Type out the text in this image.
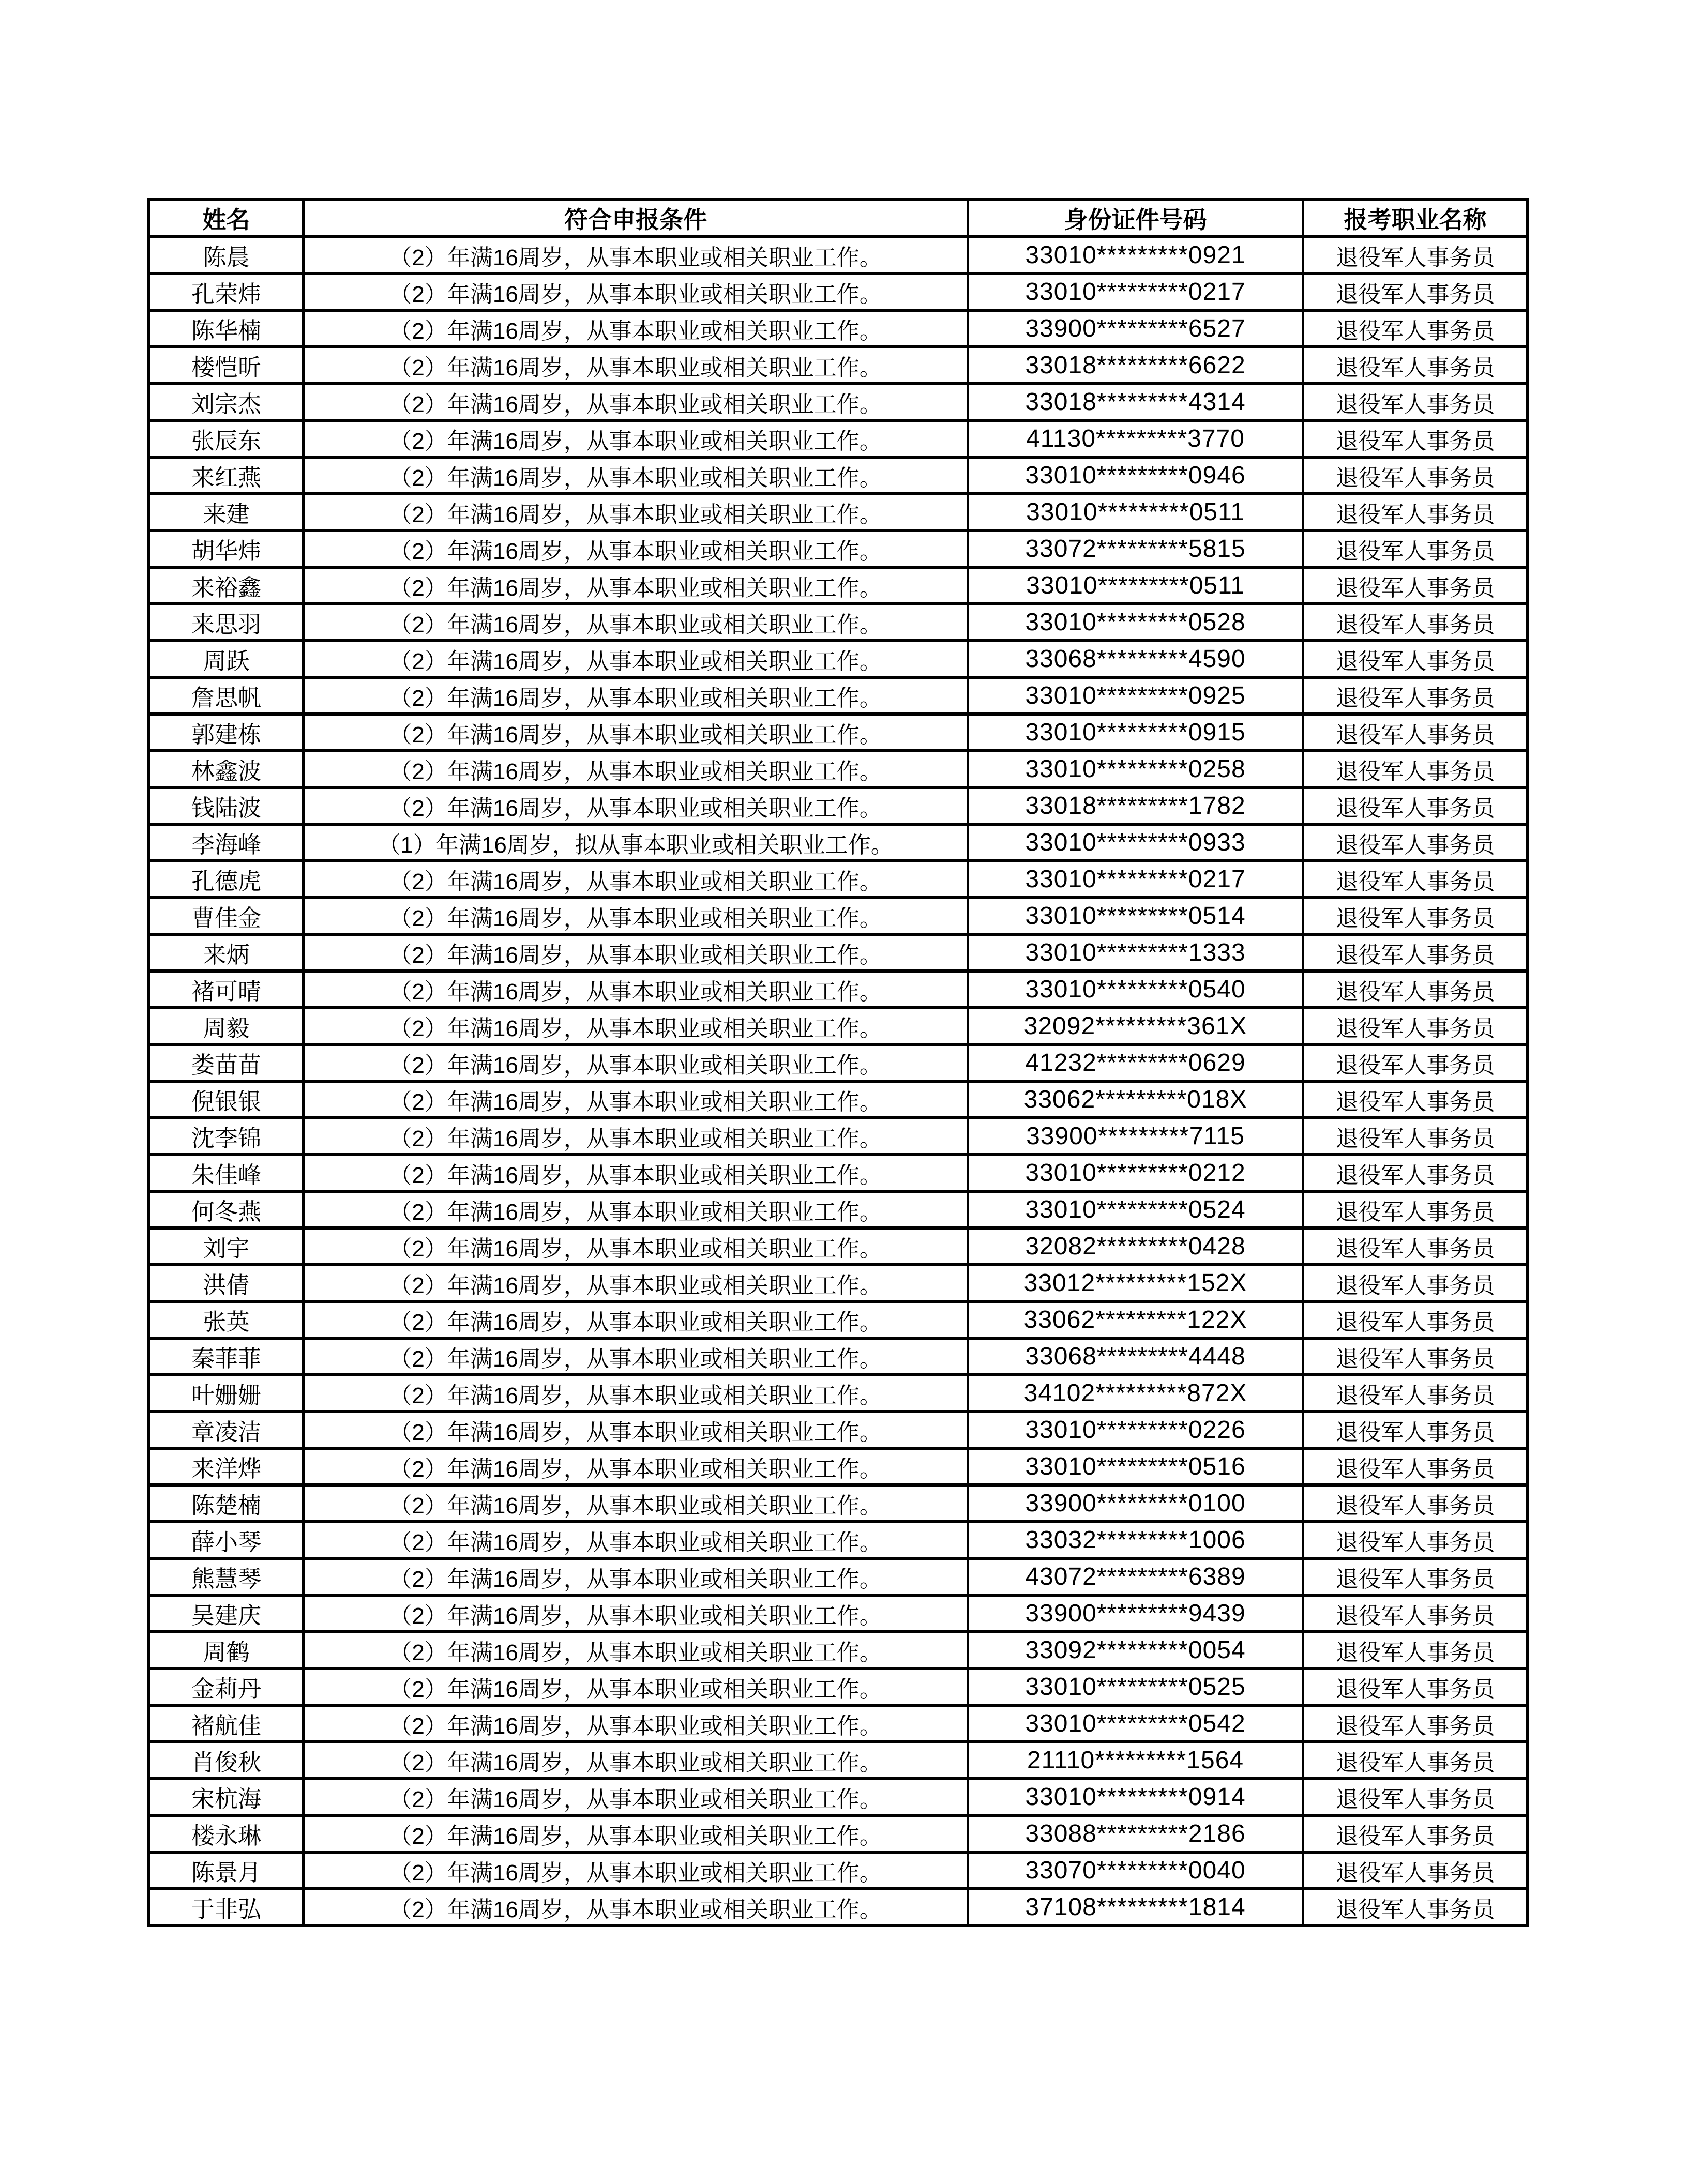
姓名	符合申报条件	身份证件号码	报考职业名称
陈晨	（2）年满16周岁，从事本职业或相关职业工作。	33010*********0921	退役军人事务员
孔荣炜	（2）年满16周岁，从事本职业或相关职业工作。	33010*********0217	退役军人事务员
陈华楠	（2）年满16周岁，从事本职业或相关职业工作。	33900*********6527	退役军人事务员
楼恺昕	（2）年满16周岁，从事本职业或相关职业工作。	33018*********6622	退役军人事务员
刘宗杰	（2）年满16周岁，从事本职业或相关职业工作。	33018*********4314	退役军人事务员
张辰东	（2）年满16周岁，从事本职业或相关职业工作。	41130*********3770	退役军人事务员
来红燕	（2）年满16周岁，从事本职业或相关职业工作。	33010*********0946	退役军人事务员
来建	（2）年满16周岁，从事本职业或相关职业工作。	33010*********0511	退役军人事务员
胡华炜	（2）年满16周岁，从事本职业或相关职业工作。	33072*********5815	退役军人事务员
来裕鑫	（2）年满16周岁，从事本职业或相关职业工作。	33010*********0511	退役军人事务员
来思羽	（2）年满16周岁，从事本职业或相关职业工作。	33010*********0528	退役军人事务员
周跃	（2）年满16周岁，从事本职业或相关职业工作。	33068*********4590	退役军人事务员
詹思帆	（2）年满16周岁，从事本职业或相关职业工作。	33010*********0925	退役军人事务员
郭建栋	（2）年满16周岁，从事本职业或相关职业工作。	33010*********0915	退役军人事务员
林鑫波	（2）年满16周岁，从事本职业或相关职业工作。	33010*********0258	退役军人事务员
钱陆波	（2）年满16周岁，从事本职业或相关职业工作。	33018*********1782	退役军人事务员
李海峰	（1）年满16周岁，拟从事本职业或相关职业工作。	33010*********0933	退役军人事务员
孔德虎	（2）年满16周岁，从事本职业或相关职业工作。	33010*********0217	退役军人事务员
曹佳金	（2）年满16周岁，从事本职业或相关职业工作。	33010*********0514	退役军人事务员
来炳	（2）年满16周岁，从事本职业或相关职业工作。	33010*********1333	退役军人事务员
褚可晴	（2）年满16周岁，从事本职业或相关职业工作。	33010*********0540	退役军人事务员
周毅	（2）年满16周岁，从事本职业或相关职业工作。	32092*********361X	退役军人事务员
娄苗苗	（2）年满16周岁，从事本职业或相关职业工作。	41232*********0629	退役军人事务员
倪银银	（2）年满16周岁，从事本职业或相关职业工作。	33062*********018X	退役军人事务员
沈李锦	（2）年满16周岁，从事本职业或相关职业工作。	33900*********7115	退役军人事务员
朱佳峰	（2）年满16周岁，从事本职业或相关职业工作。	33010*********0212	退役军人事务员
何冬燕	（2）年满16周岁，从事本职业或相关职业工作。	33010*********0524	退役军人事务员
刘宇	（2）年满16周岁，从事本职业或相关职业工作。	32082*********0428	退役军人事务员
洪倩	（2）年满16周岁，从事本职业或相关职业工作。	33012*********152X	退役军人事务员
张英	（2）年满16周岁，从事本职业或相关职业工作。	33062*********122X	退役军人事务员
秦菲菲	（2）年满16周岁，从事本职业或相关职业工作。	33068*********4448	退役军人事务员
叶姗姗	（2）年满16周岁，从事本职业或相关职业工作。	34102*********872X	退役军人事务员
章凌洁	（2）年满16周岁，从事本职业或相关职业工作。	33010*********0226	退役军人事务员
来洋烨	（2）年满16周岁，从事本职业或相关职业工作。	33010*********0516	退役军人事务员
陈楚楠	（2）年满16周岁，从事本职业或相关职业工作。	33900*********0100	退役军人事务员
薛小琴	（2）年满16周岁，从事本职业或相关职业工作。	33032*********1006	退役军人事务员
熊慧琴	（2）年满16周岁，从事本职业或相关职业工作。	43072*********6389	退役军人事务员
吴建庆	（2）年满16周岁，从事本职业或相关职业工作。	33900*********9439	退役军人事务员
周鹤	（2）年满16周岁，从事本职业或相关职业工作。	33092*********0054	退役军人事务员
金莉丹	（2）年满16周岁，从事本职业或相关职业工作。	33010*********0525	退役军人事务员
褚航佳	（2）年满16周岁，从事本职业或相关职业工作。	33010*********0542	退役军人事务员
肖俊秋	（2）年满16周岁，从事本职业或相关职业工作。	21110*********1564	退役军人事务员
宋杭海	（2）年满16周岁，从事本职业或相关职业工作。	33010*********0914	退役军人事务员
楼永琳	（2）年满16周岁，从事本职业或相关职业工作。	33088*********2186	退役军人事务员
陈景月	（2）年满16周岁，从事本职业或相关职业工作。	33070*********0040	退役军人事务员
于非弘	（2）年满16周岁，从事本职业或相关职业工作。	37108*********1814	退役军人事务员
